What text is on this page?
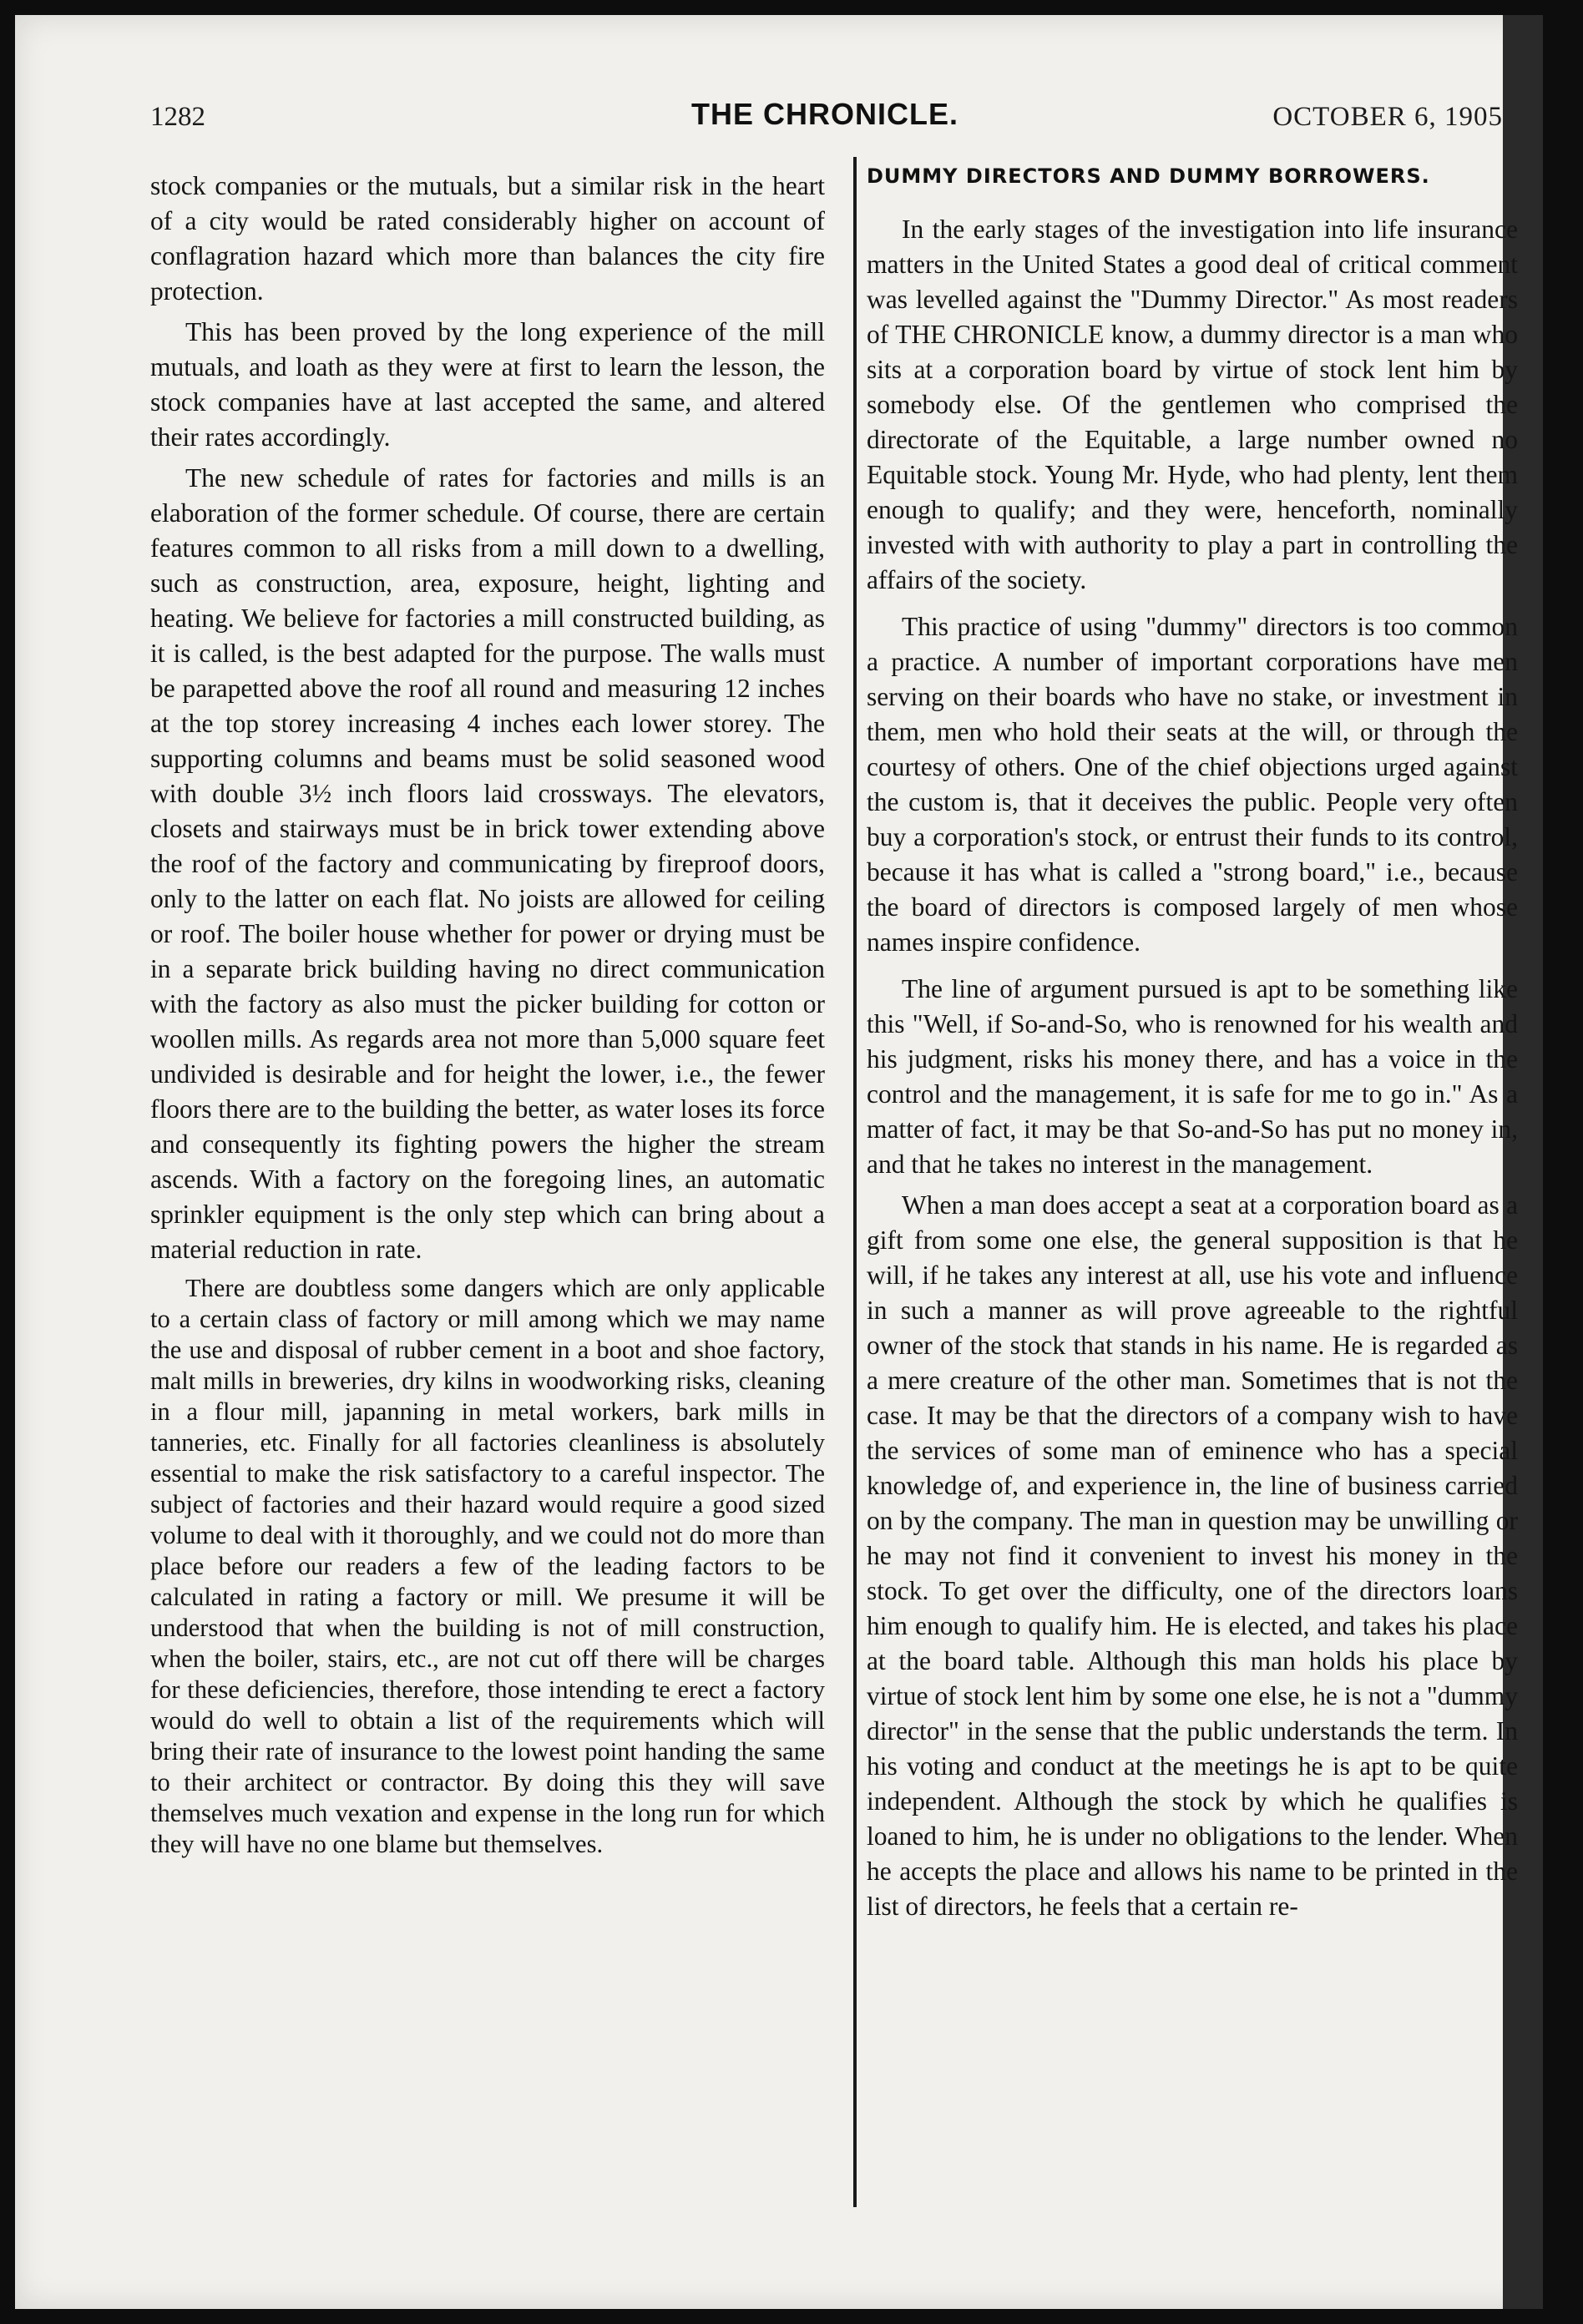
1282	THE CHRONICLE.	OCTOBER 6, 1905

stock companies or the mutuals, but a similar risk in the heart of a city would be rated considerably higher on account of conflagration hazard which more than balances the city fire protection.

This has been proved by the long experience of the mill mutuals, and loath as they were at first to learn the lesson, the stock companies have at last accepted the same, and altered their rates accordingly.

The new schedule of rates for factories and mills is an elaboration of the former schedule. Of course, there are certain features common to all risks from a mill down to a dwelling, such as construction, area, exposure, height, lighting and heating. We believe for factories a mill constructed building, as it is called, is the best adapted for the purpose. The walls must be parapetted above the roof all round and measuring 12 inches at the top storey increasing 4 inches each lower storey. The supporting columns and beams must be solid seasoned wood with double 3½ inch floors laid crossways. The elevators, closets and stairways must be in brick tower extending above the roof of the factory and communicating by fireproof doors, only to the latter on each flat. No joists are allowed for ceiling or roof. The boiler house whether for power or drying must be in a separate brick building having no direct communication with the factory as also must the picker building for cotton or woollen mills. As regards area not more than 5,000 square feet undivided is desirable and for height the lower, i.e., the fewer floors there are to the building the better, as water loses its force and consequently its fighting powers the higher the stream ascends. With a factory on the foregoing lines, an automatic sprinkler equipment is the only step which can bring about a material reduction in rate.

There are doubtless some dangers which are only applicable to a certain class of factory or mill among which we may name the use and disposal of rubber cement in a boot and shoe factory, malt mills in breweries, dry kilns in woodworking risks, cleaning in a flour mill, japanning in metal workers, bark mills in tanneries, etc. Finally for all factories cleanliness is absolutely essential to make the risk satisfactory to a careful inspector. The subject of factories and their hazard would require a good sized volume to deal with it thoroughly, and we could not do more than place before our readers a few of the leading factors to be calculated in rating a factory or mill. We presume it will be understood that when the building is not of mill construction, when the boiler, stairs, etc., are not cut off there will be charges for these deficiencies, therefore, those intending te erect a factory would do well to obtain a list of the requirements which will bring their rate of insurance to the lowest point handing the same to their architect or contractor. By doing this they will save themselves much vexation and expense in the long run for which they will have no one blame but themselves.

DUMMY DIRECTORS AND DUMMY BORROWERS.

In the early stages of the investigation into life insurance matters in the United States a good deal of critical comment was levelled against the "Dummy Director." As most readers of THE CHRONICLE know, a dummy director is a man who sits at a corporation board by virtue of stock lent him by somebody else. Of the gentlemen who comprised the directorate of the Equitable, a large number owned no Equitable stock. Young Mr. Hyde, who had plenty, lent them enough to qualify; and they were, henceforth, nominally invested with with authority to play a part in controlling the affairs of the society.

This practice of using "dummy" directors is too common a practice. A number of important corporations have men serving on their boards who have no stake, or investment in them, men who hold their seats at the will, or through the courtesy of others. One of the chief objections urged against the custom is, that it deceives the public. People very often buy a corporation's stock, or entrust their funds to its control, because it has what is called a "strong board," i.e., because the board of directors is composed largely of men whose names inspire confidence.

The line of argument pursued is apt to be something like this "Well, if So-and-So, who is renowned for his wealth and his judgment, risks his money there, and has a voice in the control and the management, it is safe for me to go in." As a matter of fact, it may be that So-and-So has put no money in, and that he takes no interest in the management.

When a man does accept a seat at a corporation board as a gift from some one else, the general supposition is that he will, if he takes any interest at all, use his vote and influence in such a manner as will prove agreeable to the rightful owner of the stock that stands in his name. He is regarded as a mere creature of the other man. Sometimes that is not the case. It may be that the directors of a company wish to have the services of some man of eminence who has a special knowledge of, and experience in, the line of business carried on by the company. The man in question may be unwilling or he may not find it convenient to invest his money in the stock. To get over the difficulty, one of the directors loans him enough to qualify him. He is elected, and takes his place at the board table. Although this man holds his place by virtue of stock lent him by some one else, he is not a "dummy director" in the sense that the public understands the term. In his voting and conduct at the meetings he is apt to be quite independent. Although the stock by which he qualifies is loaned to him, he is under no obligations to the lender. When he accepts the place and allows his name to be printed in the list of directors, he feels that a certain re-
